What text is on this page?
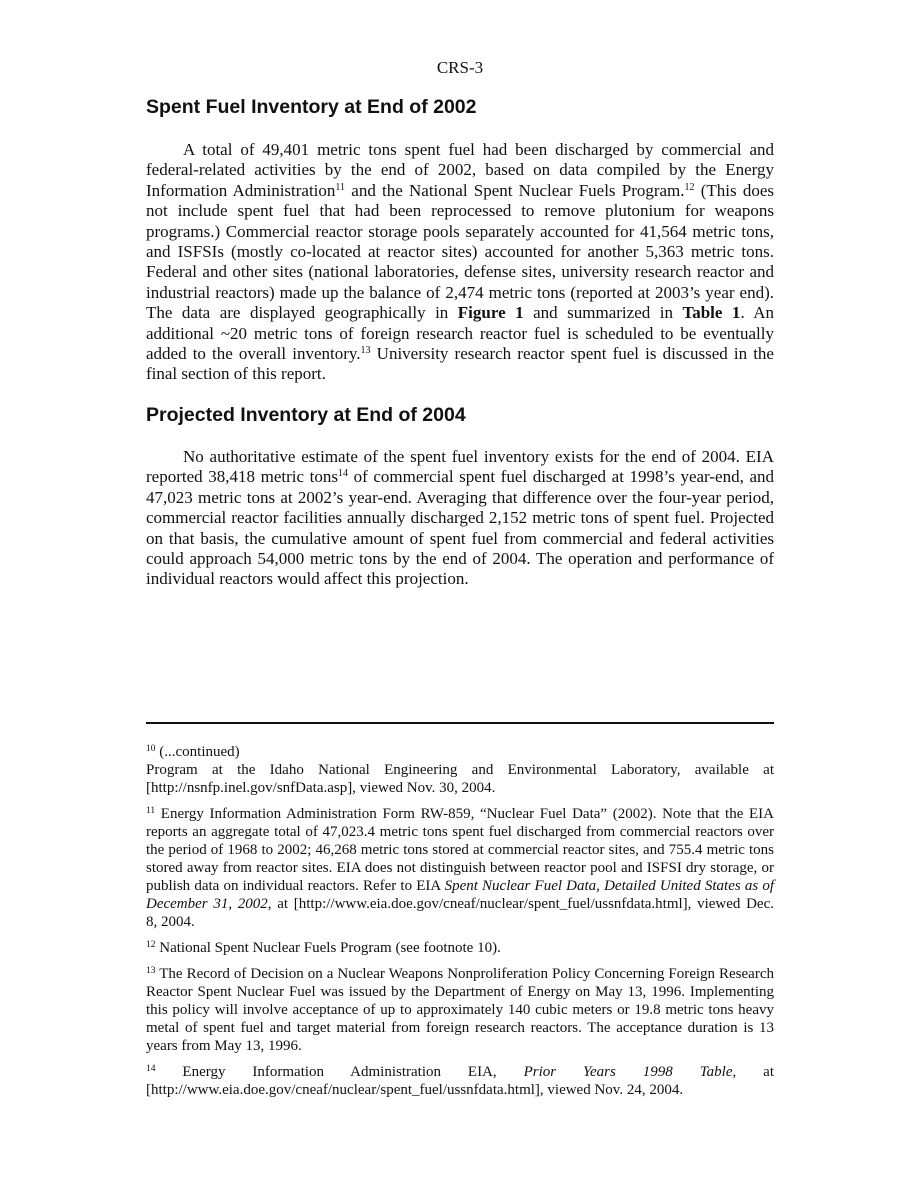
CRS-3
Spent Fuel Inventory at End of 2002

A total of 49,401 metric tons spent fuel had been discharged by commercial and federal-related activities by the end of 2002, based on data compiled by the Energy Information Administration$^{11}$ and the National Spent Nuclear Fuels Program.$^{12}$ (This does not include spent fuel that had been reprocessed to remove plutonium for weapons programs.) Commercial reactor storage pools separately accounted for 41,564 metric tons, and ISFSIs (mostly co-located at reactor sites) accounted for another 5,363 metric tons. Federal and other sites (national laboratories, defense sites, university research reactor and industrial reactors) made up the balance of 2,474 metric tons (reported at 2003’s year end). The data are displayed geographically in Figure 1 and summarized in Table 1. An additional ~20 metric tons of foreign research reactor fuel is scheduled to be eventually added to the overall inventory.$^{13}$ University research reactor spent fuel is discussed in the final section of this report.

Projected Inventory at End of 2004

No authoritative estimate of the spent fuel inventory exists for the end of 2004. EIA reported 38,418 metric tons$^{14}$ of commercial spent fuel discharged at 1998’s year-end, and 47,023 metric tons at 2002’s year-end. Averaging that difference over the four-year period, commercial reactor facilities annually discharged 2,152 metric tons of spent fuel. Projected on that basis, the cumulative amount of spent fuel from commercial and federal activities could approach 54,000 metric tons by the end of 2004. The operation and performance of individual reactors would affect this projection.

$^{10}$ (...continued)

Program at the Idaho National Engineering and Environmental Laboratory, available at [http://nsnfp.inel.gov/snfData.asp], viewed Nov. 30, 2004.

$^{11}$ Energy Information Administration Form RW-859, “Nuclear Fuel Data” (2002). Note that the EIA reports an aggregate total of 47,023.4 metric tons spent fuel discharged from commercial reactors over the period of 1968 to 2002; 46,268 metric tons stored at commercial reactor sites, and 755.4 metric tons stored away from reactor sites. EIA does not distinguish between reactor pool and ISFSI dry storage, or publish data on individual reactors. Refer to EIA Spent Nuclear Fuel Data, Detailed United States as of December 31, 2002, at [http://www.eia.doe.gov/cneaf/nuclear/spent_fuel/ussnfdata.html], viewed Dec. 8, 2004.
$^{12}$ National Spent Nuclear Fuels Program (see footnote 10).
$^{13}$ The Record of Decision on a Nuclear Weapons Nonproliferation Policy Concerning Foreign Research Reactor Spent Nuclear Fuel was issued by the Department of Energy on May 13, 1996. Implementing this policy will involve acceptance of up to approximately 140 cubic meters or 19.8 metric tons heavy metal of spent fuel and target material from foreign research reactors. The acceptance duration is 13 years from May 13, 1996.
$^{14}$ Energy Information Administration EIA, Prior Years 1998 Table, at [http://www.eia.doe.gov/cneaf/nuclear/spent_fuel/ussnfdata.html], viewed Nov. 24, 2004.
